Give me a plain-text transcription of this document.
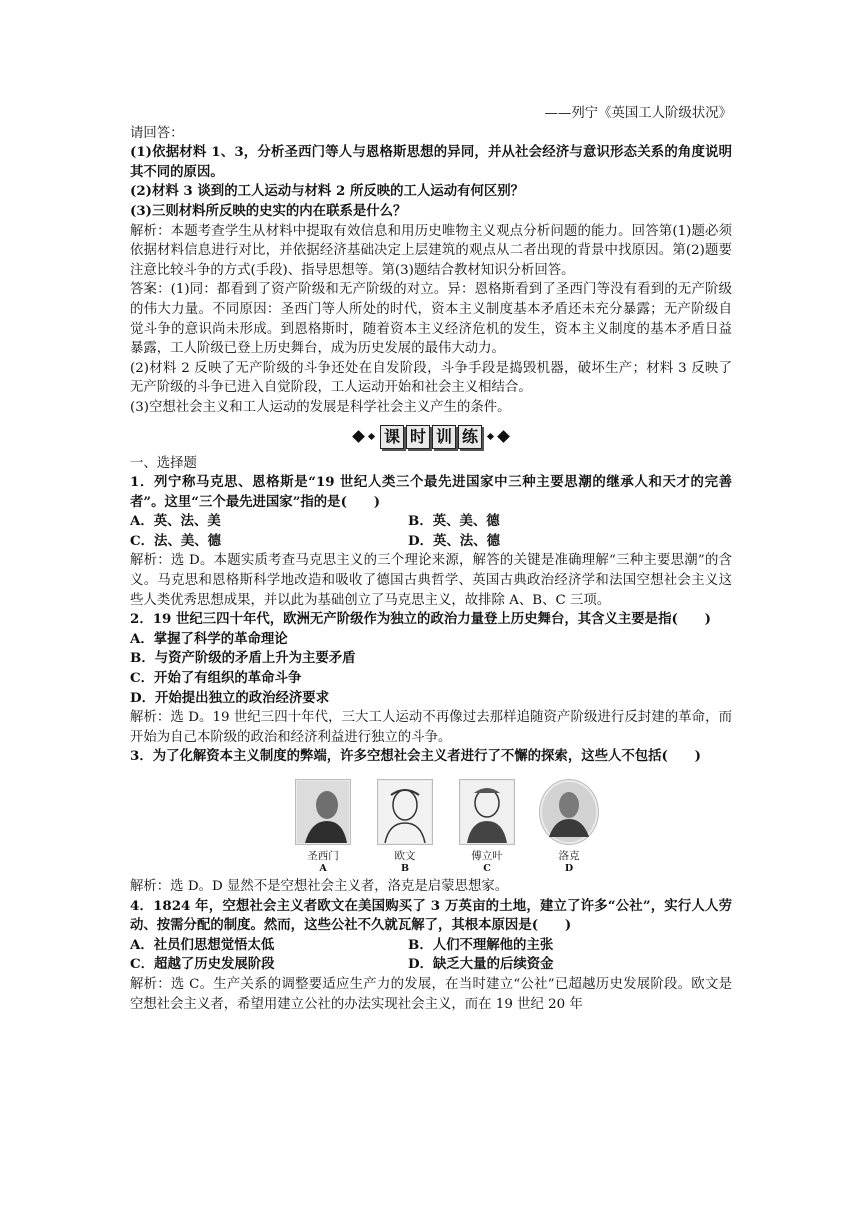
——列宁《英国工人阶级状况》
请回答：
(1)依据材料 1、3，分析圣西门等人与恩格斯思想的异同，并从社会经济与意识形态关系的角度说明其不同的原因。
(2)材料 3 谈到的工人运动与材料 2 所反映的工人运动有何区别？
(3)三则材料所反映的史实的内在联系是什么？
解析：本题考查学生从材料中提取有效信息和用历史唯物主义观点分析问题的能力。回答第(1)题必须依据材料信息进行对比，并依据经济基础决定上层建筑的观点从二者出现的背景中找原因。第(2)题要注意比较斗争的方式(手段)、指导思想等。第(3)题结合教材知识分析回答。
答案：(1)同：都看到了资产阶级和无产阶级的对立。异：恩格斯看到了圣西门等没有看到的无产阶级的伟大力量。不同原因：圣西门等人所处的时代，资本主义制度基本矛盾还未充分暴露；无产阶级自觉斗争的意识尚未形成。到恩格斯时，随着资本主义经济危机的发生，资本主义制度的基本矛盾日益暴露，工人阶级已登上历史舞台，成为历史发展的最伟大动力。
(2)材料 2 反映了无产阶级的斗争还处在自发阶段，斗争手段是捣毁机器，破坏生产；材料 3 反映了无产阶级的斗争已进入自觉阶段，工人运动开始和社会主义相结合。
(3)空想社会主义和工人运动的发展是科学社会主义产生的条件。
课 时 训 练
一、选择题
1．列宁称马克思、恩格斯是“19 世纪人类三个最先进国家中三种主要思潮的继承人和天才的完善者”。这里“三个最先进国家”指的是(　　)
A．英、法、美	B．英、美、德
C．法、美、德	D．英、法、德
解析：选 D。本题实质考查马克思主义的三个理论来源，解答的关键是准确理解“三种主要思潮”的含义。马克思和恩格斯科学地改造和吸收了德国古典哲学、英国古典政治经济学和法国空想社会主义这些人类优秀思想成果，并以此为基础创立了马克思主义，故排除 A、B、C 三项。
2．19 世纪三四十年代，欧洲无产阶级作为独立的政治力量登上历史舞台，其含义主要是指(　　)
A．掌握了科学的革命理论
B．与资产阶级的矛盾上升为主要矛盾
C．开始了有组织的革命斗争
D．开始提出独立的政治经济要求
解析：选 D。19 世纪三四十年代，三大工人运动不再像过去那样追随资产阶级进行反封建的革命，而开始为自己本阶级的政治和经济利益进行独立的斗争。
3．为了化解资本主义制度的弊端，许多空想社会主义者进行了不懈的探索，这些人不包括(　　)
圣西门
A
欧文
B
傅立叶
C
洛克
D
解析：选 D。D 显然不是空想社会主义者，洛克是启蒙思想家。
4．1824 年，空想社会主义者欧文在美国购买了 3 万英亩的土地，建立了许多“公社”，实行人人劳动、按需分配的制度。然而，这些公社不久就瓦解了，其根本原因是(　　)
A．社员们思想觉悟太低	B．人们不理解他的主张
C．超越了历史发展阶段	D．缺乏大量的后续资金
解析：选 C。生产关系的调整要适应生产力的发展，在当时建立“公社”已超越历史发展阶段。欧文是空想社会主义者，希望用建立公社的办法实现社会主义，而在 19 世纪 20 年
